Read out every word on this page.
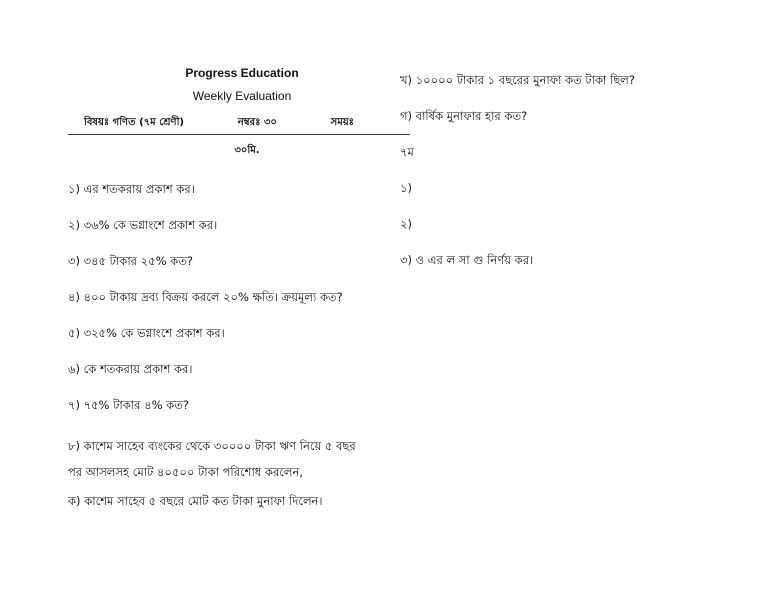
Progress Education
Weekly Evaluation
বিষয়ঃ গণিত (৭ম শ্রেণী)	নম্বরঃ ৩০	সময়ঃ
৩০মি.
১) এর শতকরায় প্রকাশ কর।
২) ৩৬% কে ভগ্নাংশে প্রকাশ কর।
৩) ৩৪৫ টাকার ২৫% কত?
৪) ৪০০ টাকায় দ্রব্য বিক্রয় করলে ২০% ক্ষতি। ক্রয়মূল্য কত?
৫) ৩২৫% কে ভগ্নাংশে প্রকাশ কর।
৬) কে শতকরায় প্রকাশ কর।
৭) ৭৫% টাকার ৪% কত?
৮) কাশেম সাহেব ব্যংকের থেকে ৩০০০০ টাকা ঋণ নিয়ে ৫ বছর পর আসলসহ মোট ৪০৫০০ টাকা পরিশোধ করলেন,
ক) কাশেম সাহেব ৫ বছরে মোট কত টাকা মুনাফা দিলেন।
খ) ১০০০০ টাকার ১ বছরের মুনাফা কত টাকা ছিল?
গ) বার্ষিক মুনাফার হার কত?
৭ম
১)
২)
৩) ও এর ল সা গু নির্ণয় কর।
